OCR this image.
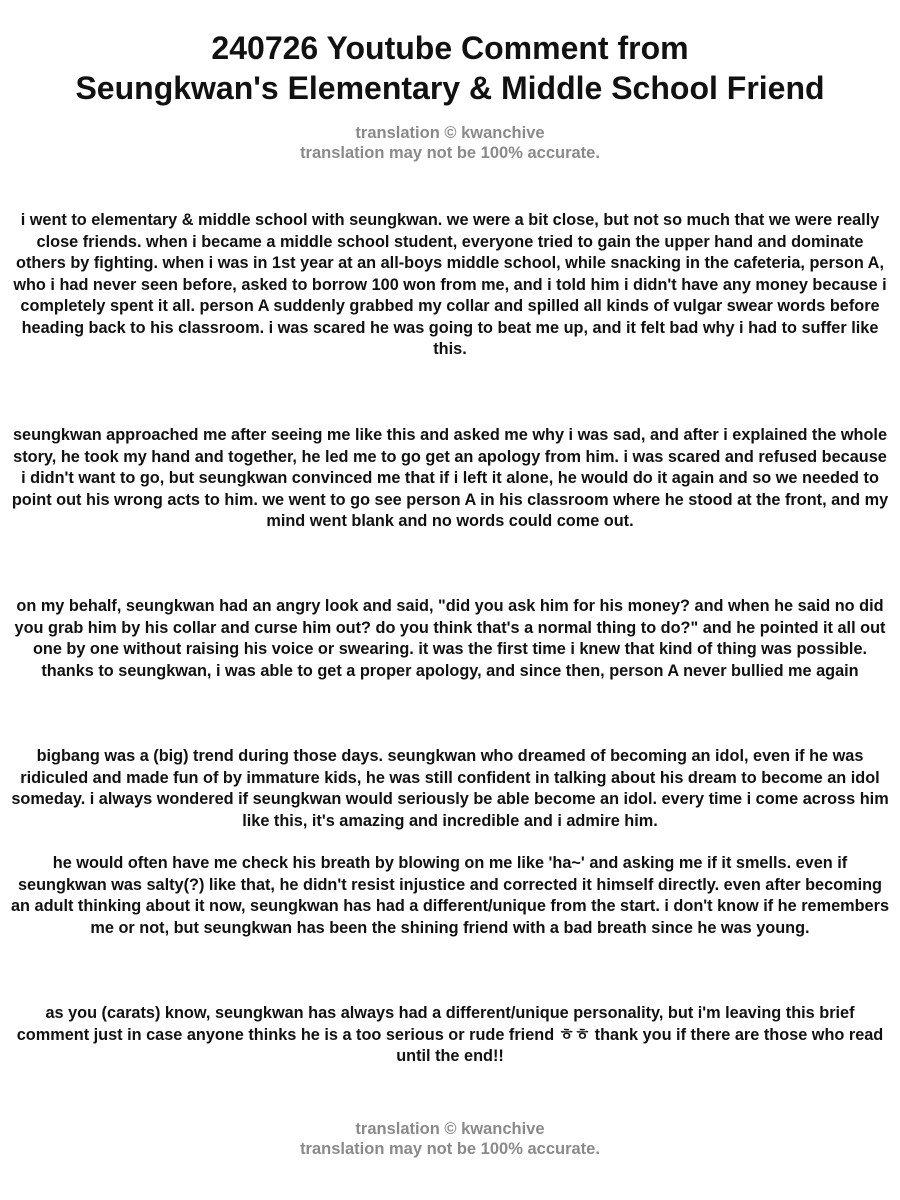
240726 Youtube Comment from
Seungkwan's Elementary & Middle School Friend
translation © kwanchive
translation may not be 100% accurate.

i went to elementary & middle school with seungkwan. we were a bit close, but not so much that we were really close friends. when i became a middle school student, everyone tried to gain the upper hand and dominate others by fighting. when i was in 1st year at an all-boys middle school, while snacking in the cafeteria, person A, who i had never seen before, asked to borrow 100 won from me, and i told him i didn't have any money because i completely spent it all. person A suddenly grabbed my collar and spilled all kinds of vulgar swear words before heading back to his classroom. i was scared he was going to beat me up, and it felt bad why i had to suffer like this.

seungkwan approached me after seeing me like this and asked me why i was sad, and after i explained the whole story, he took my hand and together, he led me to go get an apology from him. i was scared and refused because i didn't want to go, but seungkwan convinced me that if i left it alone, he would do it again and so we needed to point out his wrong acts to him. we went to go see person A in his classroom where he stood at the front, and my mind went blank and no words could come out.

on my behalf, seungkwan had an angry look and said, "did you ask him for his money? and when he said no did you grab him by his collar and curse him out? do you think that's a normal thing to do?" and he pointed it all out one by one without raising his voice or swearing. it was the first time i knew that kind of thing was possible. thanks to seungkwan, i was able to get a proper apology, and since then, person A never bullied me again

bigbang was a (big) trend during those days. seungkwan who dreamed of becoming an idol, even if he was ridiculed and made fun of by immature kids, he was still confident in talking about his dream to become an idol someday. i always wondered if seungkwan would seriously be able become an idol. every time i come across him like this, it's amazing and incredible and i admire him.

he would often have me check his breath by blowing on me like 'ha~' and asking me if it smells. even if seungkwan was salty(?) like that, he didn't resist injustice and corrected it himself directly. even after becoming an adult thinking about it now, seungkwan has had a different/unique from the start. i don't know if he remembers me or not, but seungkwan has been the shining friend with a bad breath since he was young.

as you (carats) know, seungkwan has always had a different/unique personality, but i'm leaving this brief comment just in case anyone thinks he is a too serious or rude friend ㅎㅎ thank you if there are those who read until the end!!

translation © kwanchive
translation may not be 100% accurate.
